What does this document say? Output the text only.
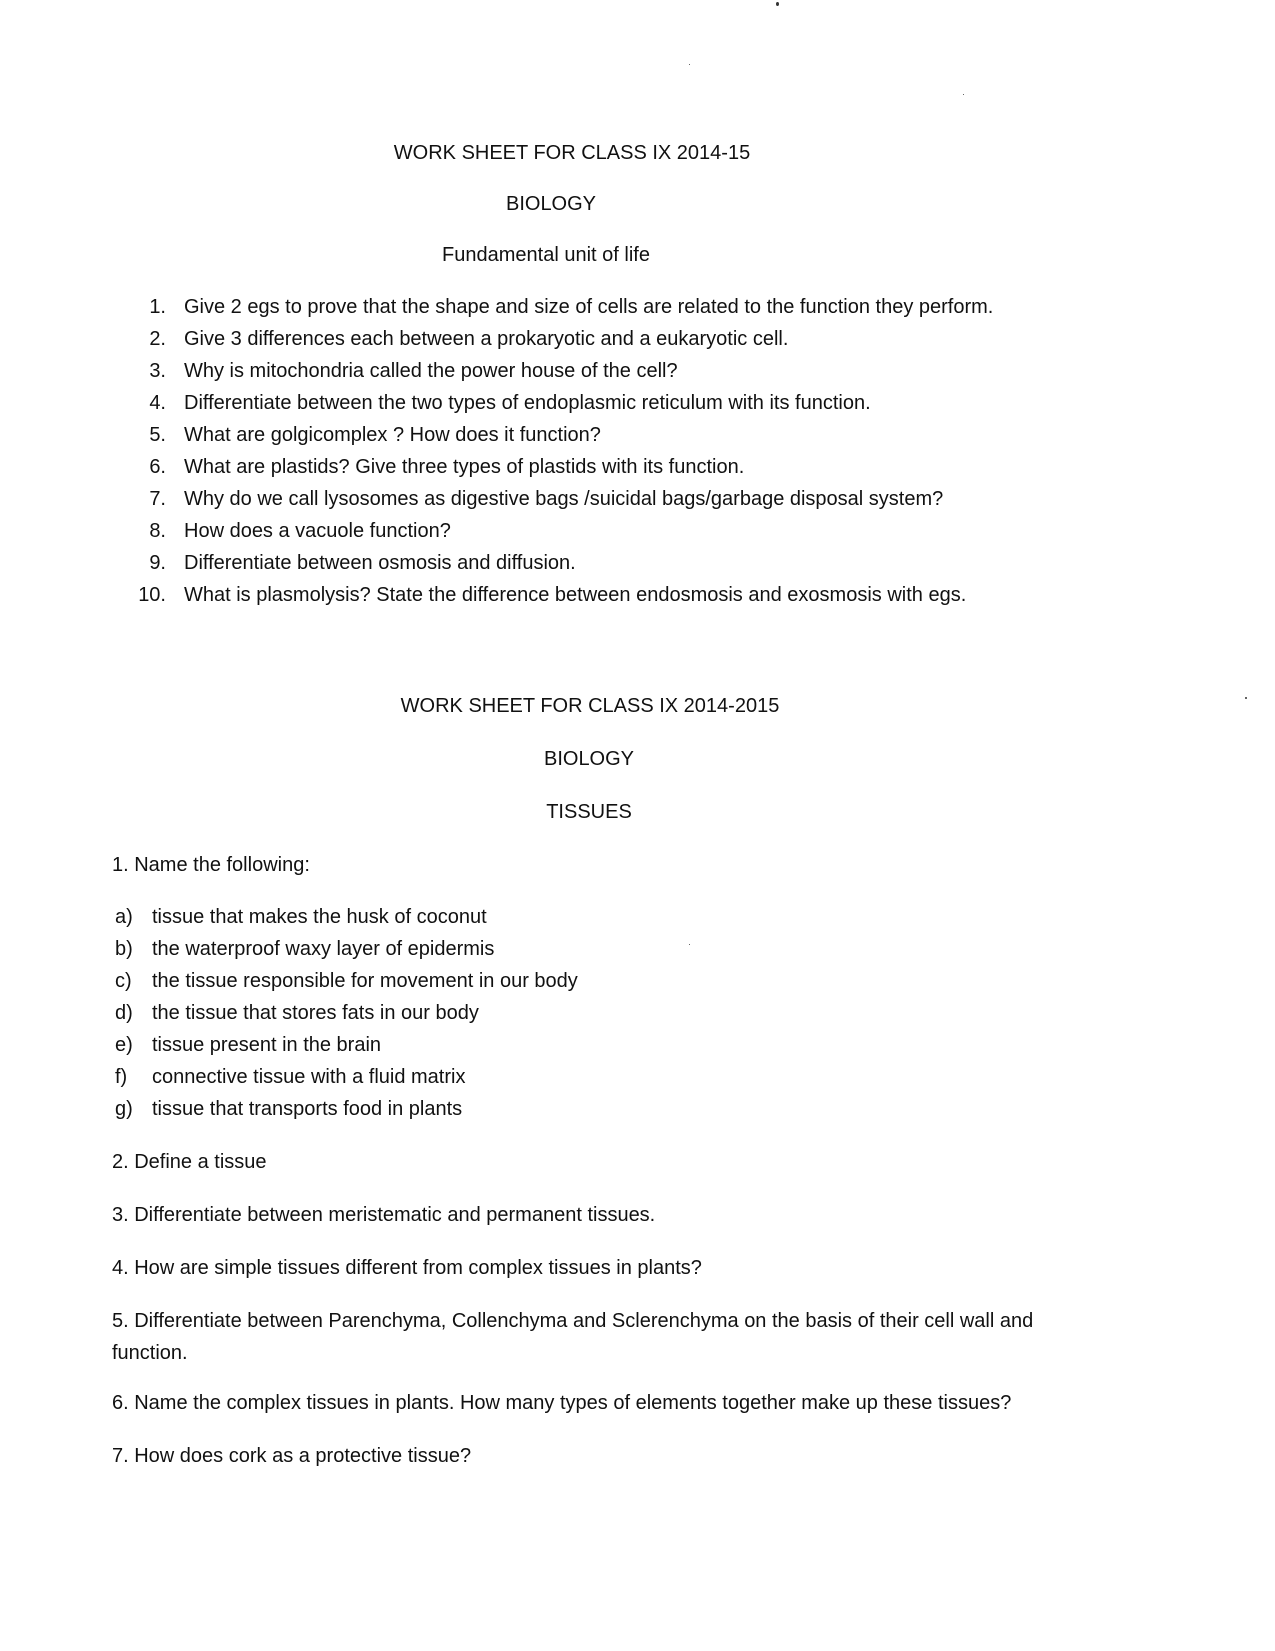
WORK SHEET FOR CLASS IX 2014-15
BIOLOGY
Fundamental unit of life
1. Give 2 egs to prove that the shape and size of cells are related to the function they perform.
2. Give 3 differences each between a prokaryotic and a eukaryotic cell.
3. Why is mitochondria called the power house of the cell?
4. Differentiate between the two types of endoplasmic reticulum with its function.
5. What are golgicomplex ? How does it function?
6. What are plastids? Give three types of plastids with its function.
7. Why do we call lysosomes as digestive bags /suicidal bags/garbage disposal system?
8. How does a vacuole function?
9. Differentiate between osmosis and diffusion.
10. What is plasmolysis? State the difference between endosmosis and exosmosis with egs.
WORK SHEET FOR CLASS IX 2014-2015
BIOLOGY
TISSUES
1. Name the following:
a) tissue that makes the husk of coconut
b) the waterproof waxy layer of epidermis
c) the tissue responsible for movement in our body
d) the tissue that stores fats in our body
e) tissue present in the brain
f) connective tissue with a fluid matrix
g) tissue that transports food in plants
2. Define a tissue
3. Differentiate between meristematic and permanent tissues.
4. How are simple tissues different from complex tissues in plants?
5. Differentiate between Parenchyma, Collenchyma and Sclerenchyma on the basis of their cell wall and function.
6. Name the complex tissues in plants. How many types of elements together make up these tissues?
7. How does cork as a protective tissue?
